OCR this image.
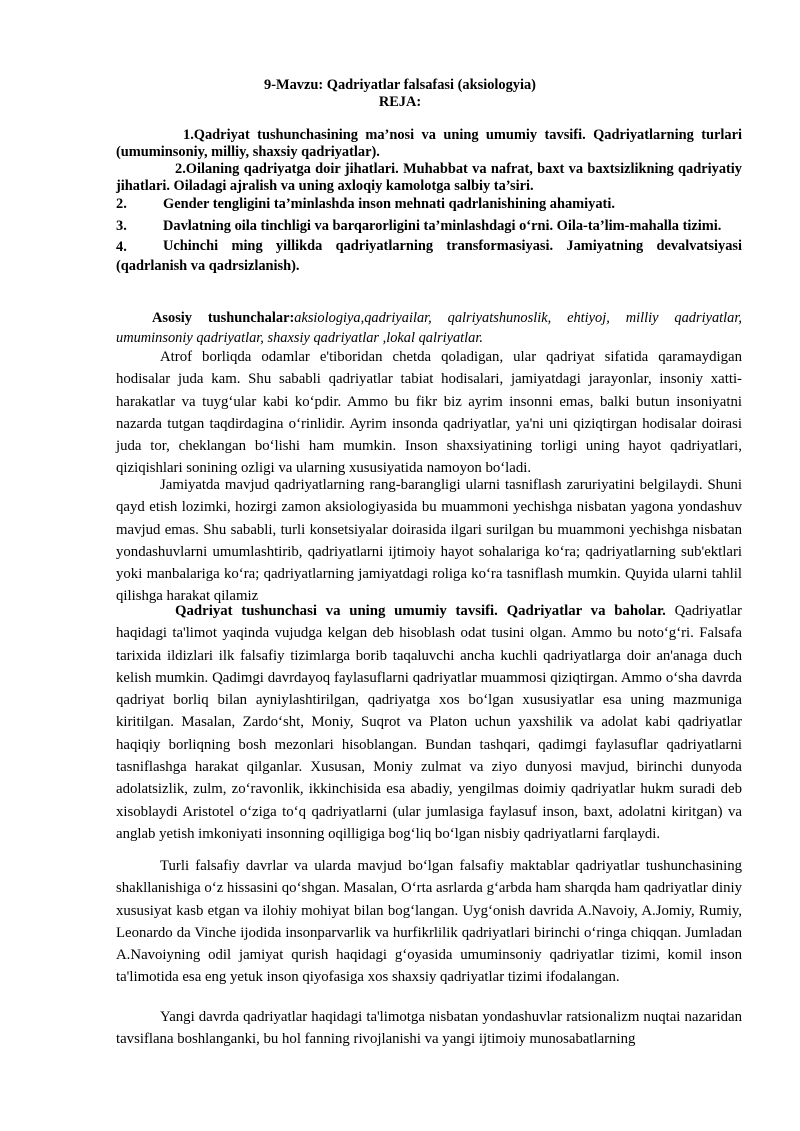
9-Mavzu: Qadriyatlar falsafasi (aksiologyia)
REJA:

1.Qadriyat tushunchasining ma’nosi va uning umumiy tavsifi. Qadriyatlarning turlari (umuminsoniy, milliy, shaxsiy qadriyatlar).

2.Oilaning qadriyatga doir jihatlari. Muhabbat va nafrat, baxt va baxtsizlikning qadriyatiy jihatlari. Oiladagi ajralish va uning axloqiy kamolotga salbiy ta’siri.

2.	Gender tengligini ta’minlashda inson mehnati qadrlanishining ahamiyati.
3.	Davlatning oila tinchligi va barqarorligini ta’minlashdagi o‘rni. Oila-ta’lim-mahalla tizimi.
4.	Uchinchi ming yillikda qadriyatlarning transformasiyasi. Jamiyatning devalvatsiyasi (qadrlanish va qadrsizlanish).
Asosiy tushunchalar:aksiologiya,qadriyailar, qalriyatshunoslik, ehtiyoj, milliy qadriyatlar, umuminsoniy qadriyatlar, shaxsiy qadriyatlar ,lokal qalriyatlar.

Atrof borliqda odamlar e'tiboridan chetda qoladigan, ular qadriyat sifatida qaramaydigan hodisalar juda kam. Shu sababli qadriyatlar tabiat hodisalari, jamiyatdagi jarayonlar, insoniy xatti-harakatlar va tuyg‘ular kabi ko‘pdir. Ammo bu fikr biz ayrim insonni emas, balki butun insoniyatni nazarda tutgan taqdirdagina o‘rinlidir. Ayrim insonda qadriyatlar, ya'ni uni qiziqtirgan hodisalar doirasi juda tor, cheklangan bo‘lishi ham mumkin. Inson shaxsiyatining torligi uning hayot qadriyatlari, qiziqishlari sonining ozligi va ularning xususiyatida namoyon bo‘ladi.

Jamiyatda mavjud qadriyatlarning rang-barangligi ularni tasniflash zaruriyatini belgilaydi. Shuni qayd etish lozimki, hozirgi zamon aksiologiyasida bu muammoni yechishga nisbatan yagona yondashuv mavjud emas. Shu sababli, turli konsetsiyalar doirasida ilgari surilgan bu muammoni yechishga nisbatan yondashuvlarni umumlashtirib, qadriyatlarni ijtimoiy hayot sohalariga ko‘ra; qadriyatlarning sub'ektlari yoki manbalariga ko‘ra; qadriyatlarning jamiyatdagi roliga ko‘ra tasniflash mumkin. Quyida ularni tahlil qilishga harakat qilamiz

Qadriyat tushunchasi va uning umumiy tavsifi. Qadriyatlar va baholar. Qadriyatlar haqidagi ta'limot yaqinda vujudga kelgan deb hisoblash odat tusini olgan. Ammo bu noto‘g‘ri. Falsafa tarixida ildizlari ilk falsafiy tizimlarga borib taqaluvchi ancha kuchli qadriyatlarga doir an'anaga duch kelish mumkin. Qadimgi davrdayoq faylasuflarni qadriyatlar muammosi qiziqtirgan. Ammo o‘sha davrda qadriyat borliq bilan ayniylashtirilgan, qadriyatga xos bo‘lgan xususiyatlar esa uning mazmuniga kiritilgan. Masalan, Zardo‘sht, Moniy, Suqrot va Platon uchun yaxshilik va adolat kabi qadriyatlar haqiqiy borliqning bosh mezonlari hisoblangan. Bundan tashqari, qadimgi faylasuflar qadriyatlarni tasniflashga harakat qilganlar. Xususan, Moniy zulmat va ziyo dunyosi mavjud, birinchi dunyoda adolatsizlik, zulm, zo‘ravonlik, ikkinchisida esa abadiy, yengilmas doimiy qadriyatlar hukm suradi deb xisoblaydi Aristotel o‘ziga to‘q qadriyatlarni (ular jumlasiga faylasuf inson, baxt, adolatni kiritgan) va anglab yetish imkoniyati insonning oqilligiga bog‘liq bo‘lgan nisbiy qadriyatlarni farqlaydi.

Turli falsafiy davrlar va ularda mavjud bo‘lgan falsafiy maktablar qadriyatlar tushunchasining shakllanishiga o‘z hissasini qo‘shgan. Masalan, O‘rta asrlarda g‘arbda ham sharqda ham qadriyatlar diniy xususiyat kasb etgan va ilohiy mohiyat bilan bog‘langan. Uyg‘onish davrida A.Navoiy, A.Jomiy, Rumiy, Leonardo da Vinche ijodida insonparvarlik va hurfikrlilik qadriyatlari birinchi o‘ringa chiqqan. Jumladan A.Navoiyning odil jamiyat qurish haqidagi g‘oyasida umuminsoniy qadriyatlar tizimi, komil inson ta'limotida esa eng yetuk inson qiyofasiga xos shaxsiy qadriyatlar tizimi ifodalangan.

Yangi davrda qadriyatlar haqidagi ta'limotga nisbatan yondashuvlar ratsionalizm nuqtai nazaridan tavsiflana boshlanganki, bu hol fanning rivojlanishi va yangi ijtimoiy munosabatlarning
